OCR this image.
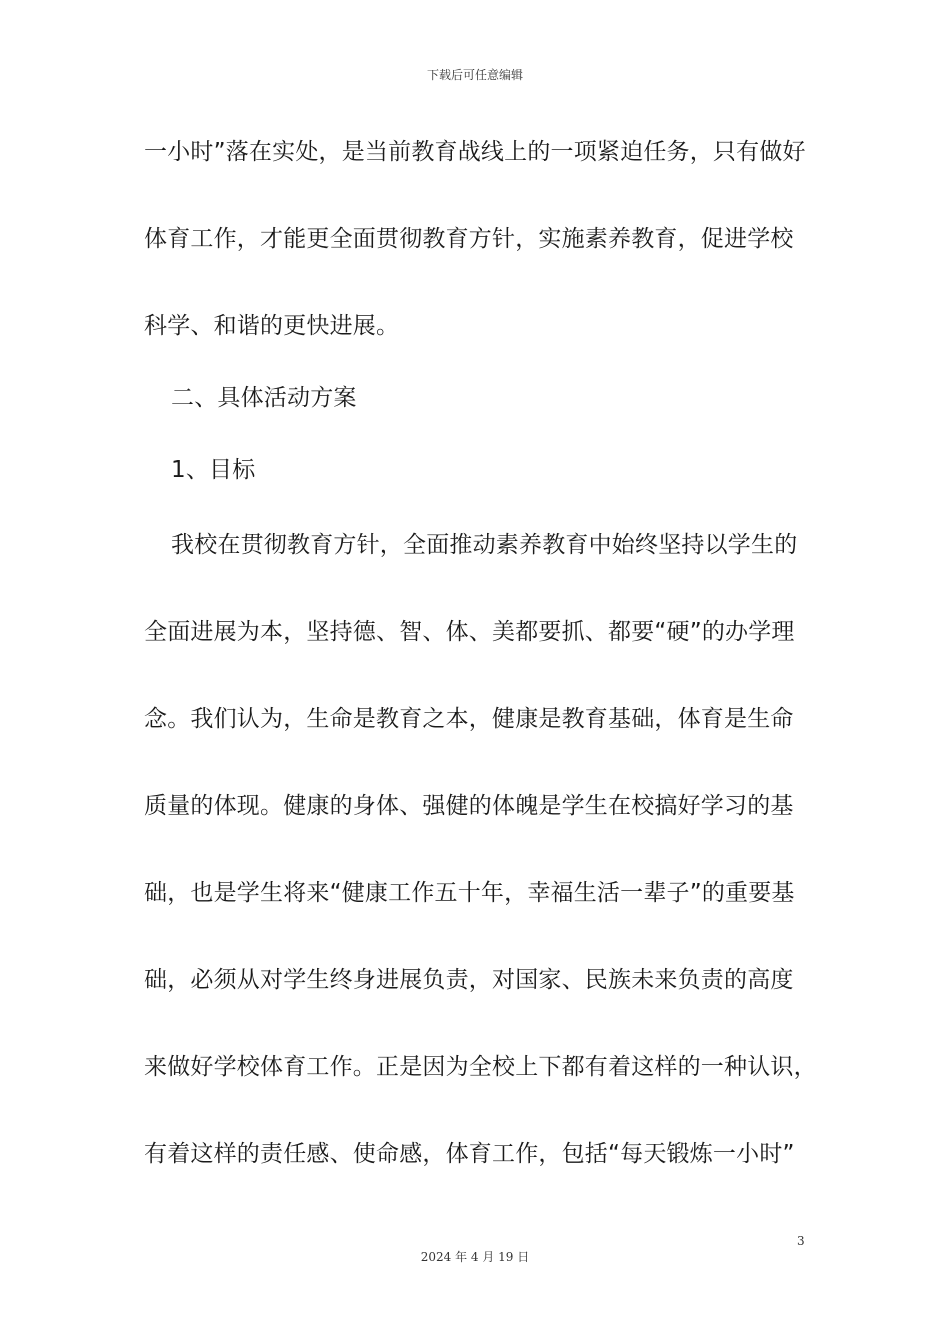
下载后可任意编辑
一小时”落在实处，是当前教育战线上的一项紧迫任务，只有做好
体育工作，才能更全面贯彻教育方针，实施素养教育，促进学校
科学、和谐的更快进展。
二、具体活动方案
1、目标
我校在贯彻教育方针，全面推动素养教育中始终坚持以学生的
全面进展为本，坚持德、智、体、美都要抓、都要“硬”的办学理
念。我们认为，生命是教育之本，健康是教育基础，体育是生命
质量的体现。健康的身体、强健的体魄是学生在校搞好学习的基
础，也是学生将来“健康工作五十年，幸福生活一辈子”的重要基
础，必须从对学生终身进展负责，对国家、民族未来负责的高度
来做好学校体育工作。正是因为全校上下都有着这样的一种认识，
有着这样的责任感、使命感，体育工作，包括“每天锻炼一小时”
3
2024 年 4 月 19 日
